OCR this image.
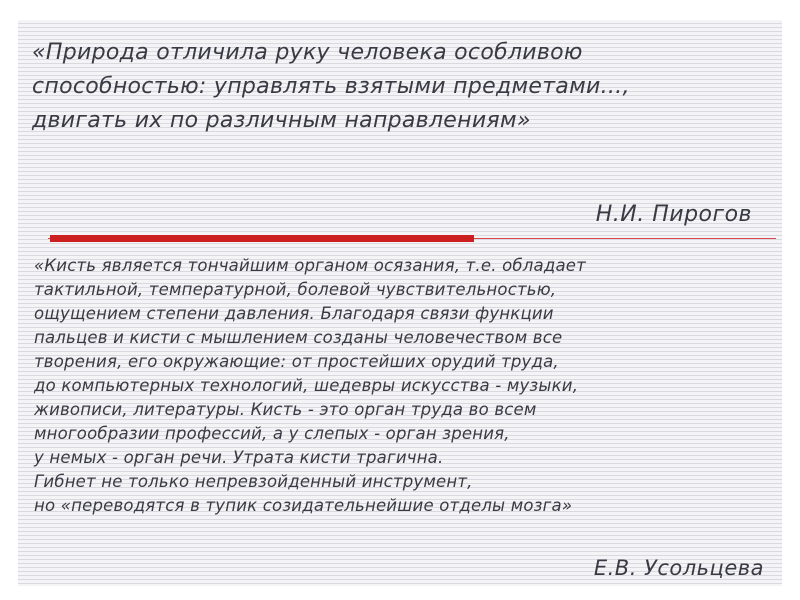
«Природа отличила руку человека особливою
способностью: управлять взятыми предметами...,
двигать их по различным направлениям»

Н.И. Пирогов

«Кисть является тончайшим органом осязания, т.е. обладает
тактильной, температурной, болевой чувствительностью,
ощущением степени давления. Благодаря связи функции
пальцев и кисти с мышлением созданы человечеством все
творения, его окружающие: от простейших орудий труда,
до компьютерных технологий, шедевры искусства - музыки,
живописи, литературы. Кисть - это орган труда во всем
многообразии профессий, а у слепых - орган зрения,
у немых - орган речи. Утрата кисти трагична.
Гибнет не только непревзойденный инструмент,
но «переводятся в тупик созидательнейшие отделы мозга»

Е.В. Усольцева
